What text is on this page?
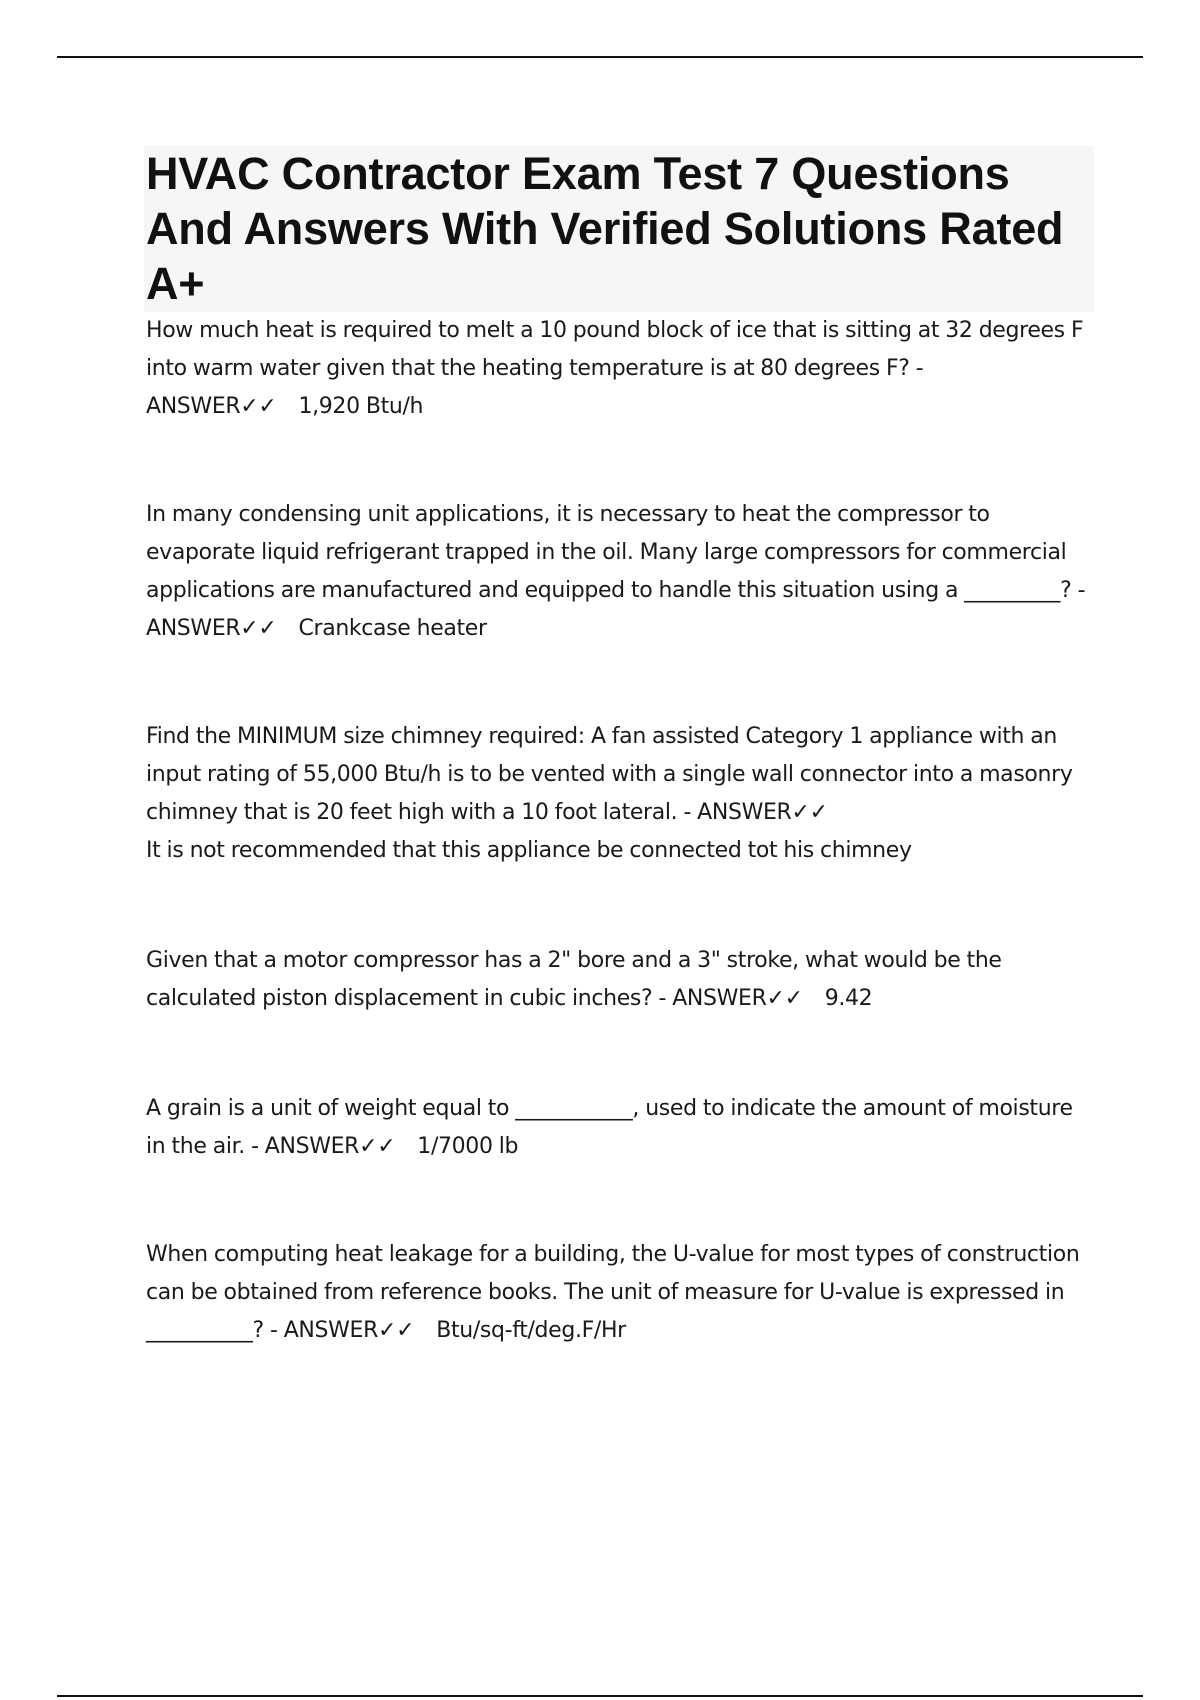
HVAC Contractor Exam Test 7 Questions And Answers With Verified Solutions Rated A+

How much heat is required to melt a 10 pound block of ice that is sitting at 32 degrees F into warm water given that the heating temperature is at 80 degrees F? - ANSWER✓✓ 1,920 Btu/h

In many condensing unit applications, it is necessary to heat the compressor to evaporate liquid refrigerant trapped in the oil. Many large compressors for commercial applications are manufactured and equipped to handle this situation using a _________? - ANSWER✓✓ Crankcase heater

Find the MINIMUM size chimney required: A fan assisted Category 1 appliance with an input rating of 55,000 Btu/h is to be vented with a single wall connector into a masonry chimney that is 20 feet high with a 10 foot lateral. - ANSWER✓✓
It is not recommended that this appliance be connected tot his chimney

Given that a motor compressor has a 2" bore and a 3" stroke, what would be the calculated piston displacement in cubic inches? - ANSWER✓✓ 9.42

A grain is a unit of weight equal to ___________, used to indicate the amount of moisture in the air. - ANSWER✓✓ 1/7000 lb

When computing heat leakage for a building, the U-value for most types of construction can be obtained from reference books. The unit of measure for U-value is expressed in __________? - ANSWER✓✓ Btu/sq-ft/deg.F/Hr
